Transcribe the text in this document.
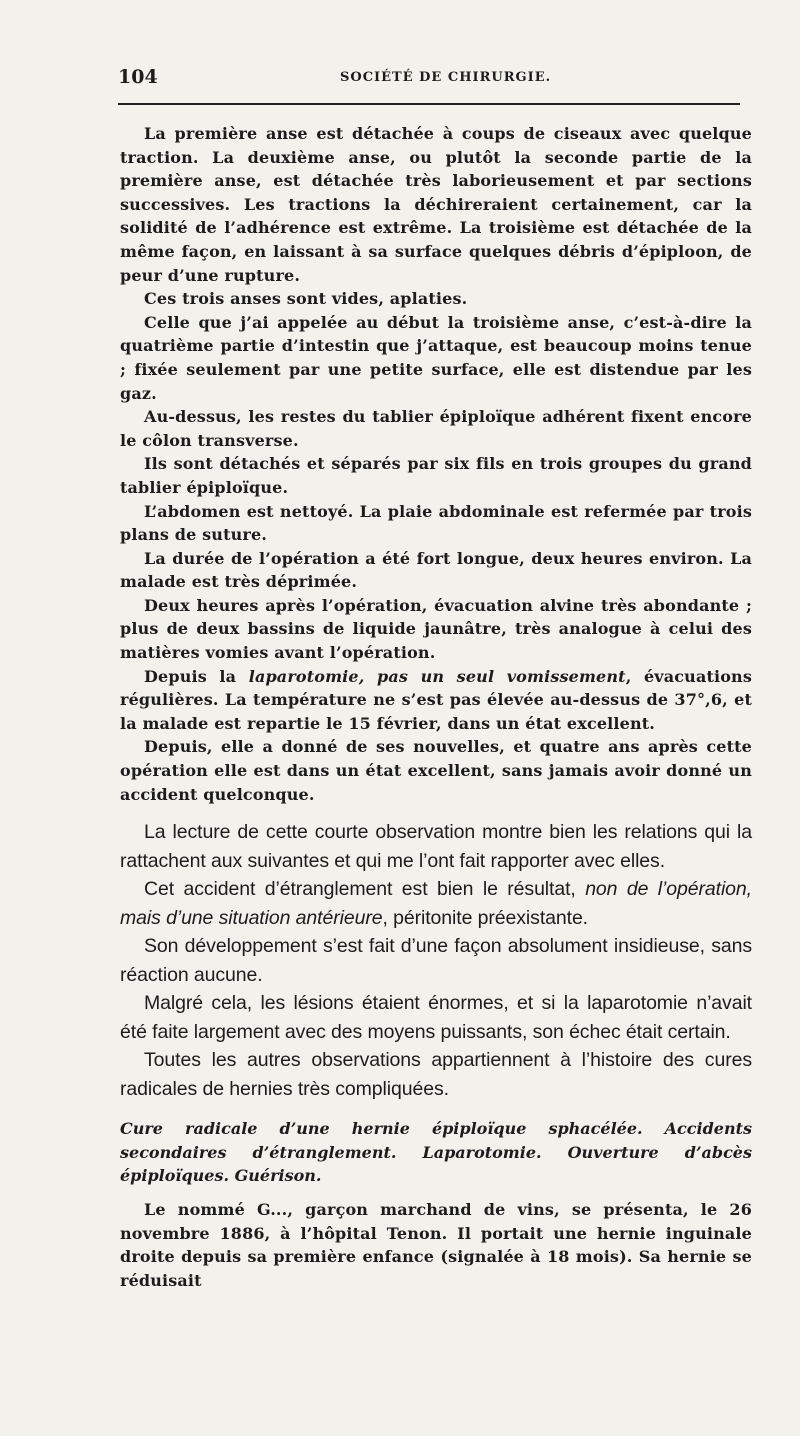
104	SOCIÉTÉ DE CHIRURGIE.

La première anse est détachée à coups de ciseaux avec quelque traction. La deuxième anse, ou plutôt la seconde partie de la première anse, est détachée très laborieusement et par sections successives. Les tractions la déchireraient certainement, car la solidité de l’adhérence est extrême. La troisième est détachée de la même façon, en laissant à sa surface quelques débris d’épiploon, de peur d’une rupture.

Ces trois anses sont vides, aplaties.

Celle que j’ai appelée au début la troisième anse, c’est-à-dire la quatrième partie d’intestin que j’attaque, est beaucoup moins tenue ; fixée seulement par une petite surface, elle est distendue par les gaz.

Au-dessus, les restes du tablier épiploïque adhérent fixent encore le côlon transverse.

Ils sont détachés et séparés par six fils en trois groupes du grand tablier épiploïque.

L’abdomen est nettoyé. La plaie abdominale est refermée par trois plans de suture.

La durée de l’opération a été fort longue, deux heures environ. La malade est très déprimée.

Deux heures après l’opération, évacuation alvine très abondante ; plus de deux bassins de liquide jaunâtre, très analogue à celui des matières vomies avant l’opération.

Depuis la laparotomie, pas un seul vomissement, évacuations régulières. La température ne s’est pas élevée au-dessus de 37°,6, et la malade est repartie le 15 février, dans un état excellent.

Depuis, elle a donné de ses nouvelles, et quatre ans après cette opération elle est dans un état excellent, sans jamais avoir donné un accident quelconque.

La lecture de cette courte observation montre bien les relations qui la rattachent aux suivantes et qui me l’ont fait rapporter avec elles.

Cet accident d’étranglement est bien le résultat, non de l’opération, mais d’une situation antérieure, péritonite préexistante.

Son développement s’est fait d’une façon absolument insidieuse, sans réaction aucune.

Malgré cela, les lésions étaient énormes, et si la laparotomie n’avait été faite largement avec des moyens puissants, son échec était certain.

Toutes les autres observations appartiennent à l’histoire des cures radicales de hernies très compliquées.

Cure radicale d’une hernie épiploïque sphacélée. Accidents secondaires d’étranglement. Laparotomie. Ouverture d’abcès épiploïques. Guérison.

Le nommé G..., garçon marchand de vins, se présenta, le 26 novembre 1886, à l’hôpital Tenon. Il portait une hernie inguinale droite depuis sa première enfance (signalée à 18 mois). Sa hernie se réduisait
